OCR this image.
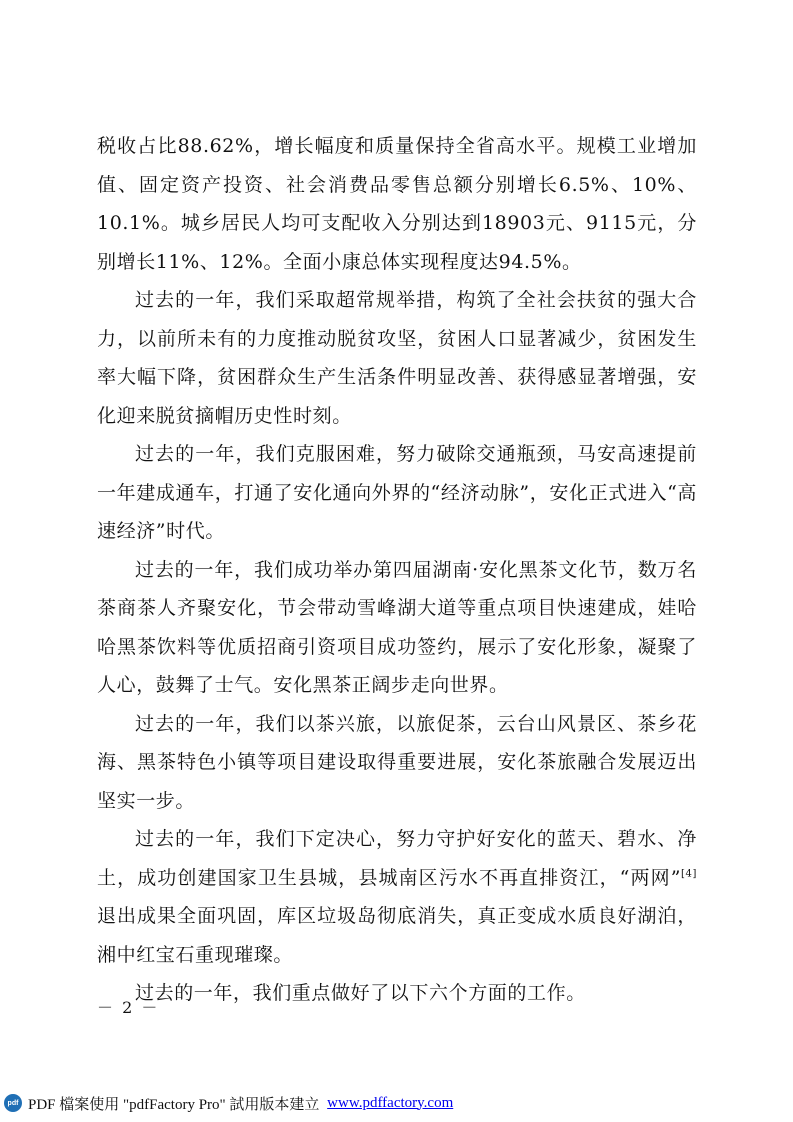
税收占比88.62%，增长幅度和质量保持全省高水平。规模工业增加值、固定资产投资、社会消费品零售总额分别增长6.5%、10%、10.1%。城乡居民人均可支配收入分别达到18903元、9115元，分别增长11%、12%。全面小康总体实现程度达94.5%。

过去的一年，我们采取超常规举措，构筑了全社会扶贫的强大合力，以前所未有的力度推动脱贫攻坚，贫困人口显著减少，贫困发生率大幅下降，贫困群众生产生活条件明显改善、获得感显著增强，安化迎来脱贫摘帽历史性时刻。

过去的一年，我们克服困难，努力破除交通瓶颈，马安高速提前一年建成通车，打通了安化通向外界的“经济动脉”，安化正式进入“高速经济”时代。

过去的一年，我们成功举办第四届湖南·安化黑茶文化节，数万名茶商茶人齐聚安化，节会带动雪峰湖大道等重点项目快速建成，娃哈哈黑茶饮料等优质招商引资项目成功签约，展示了安化形象，凝聚了人心，鼓舞了士气。安化黑茶正阔步走向世界。

过去的一年，我们以茶兴旅，以旅促茶，云台山风景区、茶乡花海、黑茶特色小镇等项目建设取得重要进展，安化茶旅融合发展迈出坚实一步。

过去的一年，我们下定决心，努力守护好安化的蓝天、碧水、净土，成功创建国家卫生县城，县城南区污水不再直排资江，“两网”[4]退出成果全面巩固，库区垃圾岛彻底消失，真正变成水质良好湖泊，湘中红宝石重现璀璨。

过去的一年，我们重点做好了以下六个方面的工作。

－ 2 －
pdf PDF 檔案使用 "pdfFactory Pro" 試用版本建立 www.pdffactory.com
